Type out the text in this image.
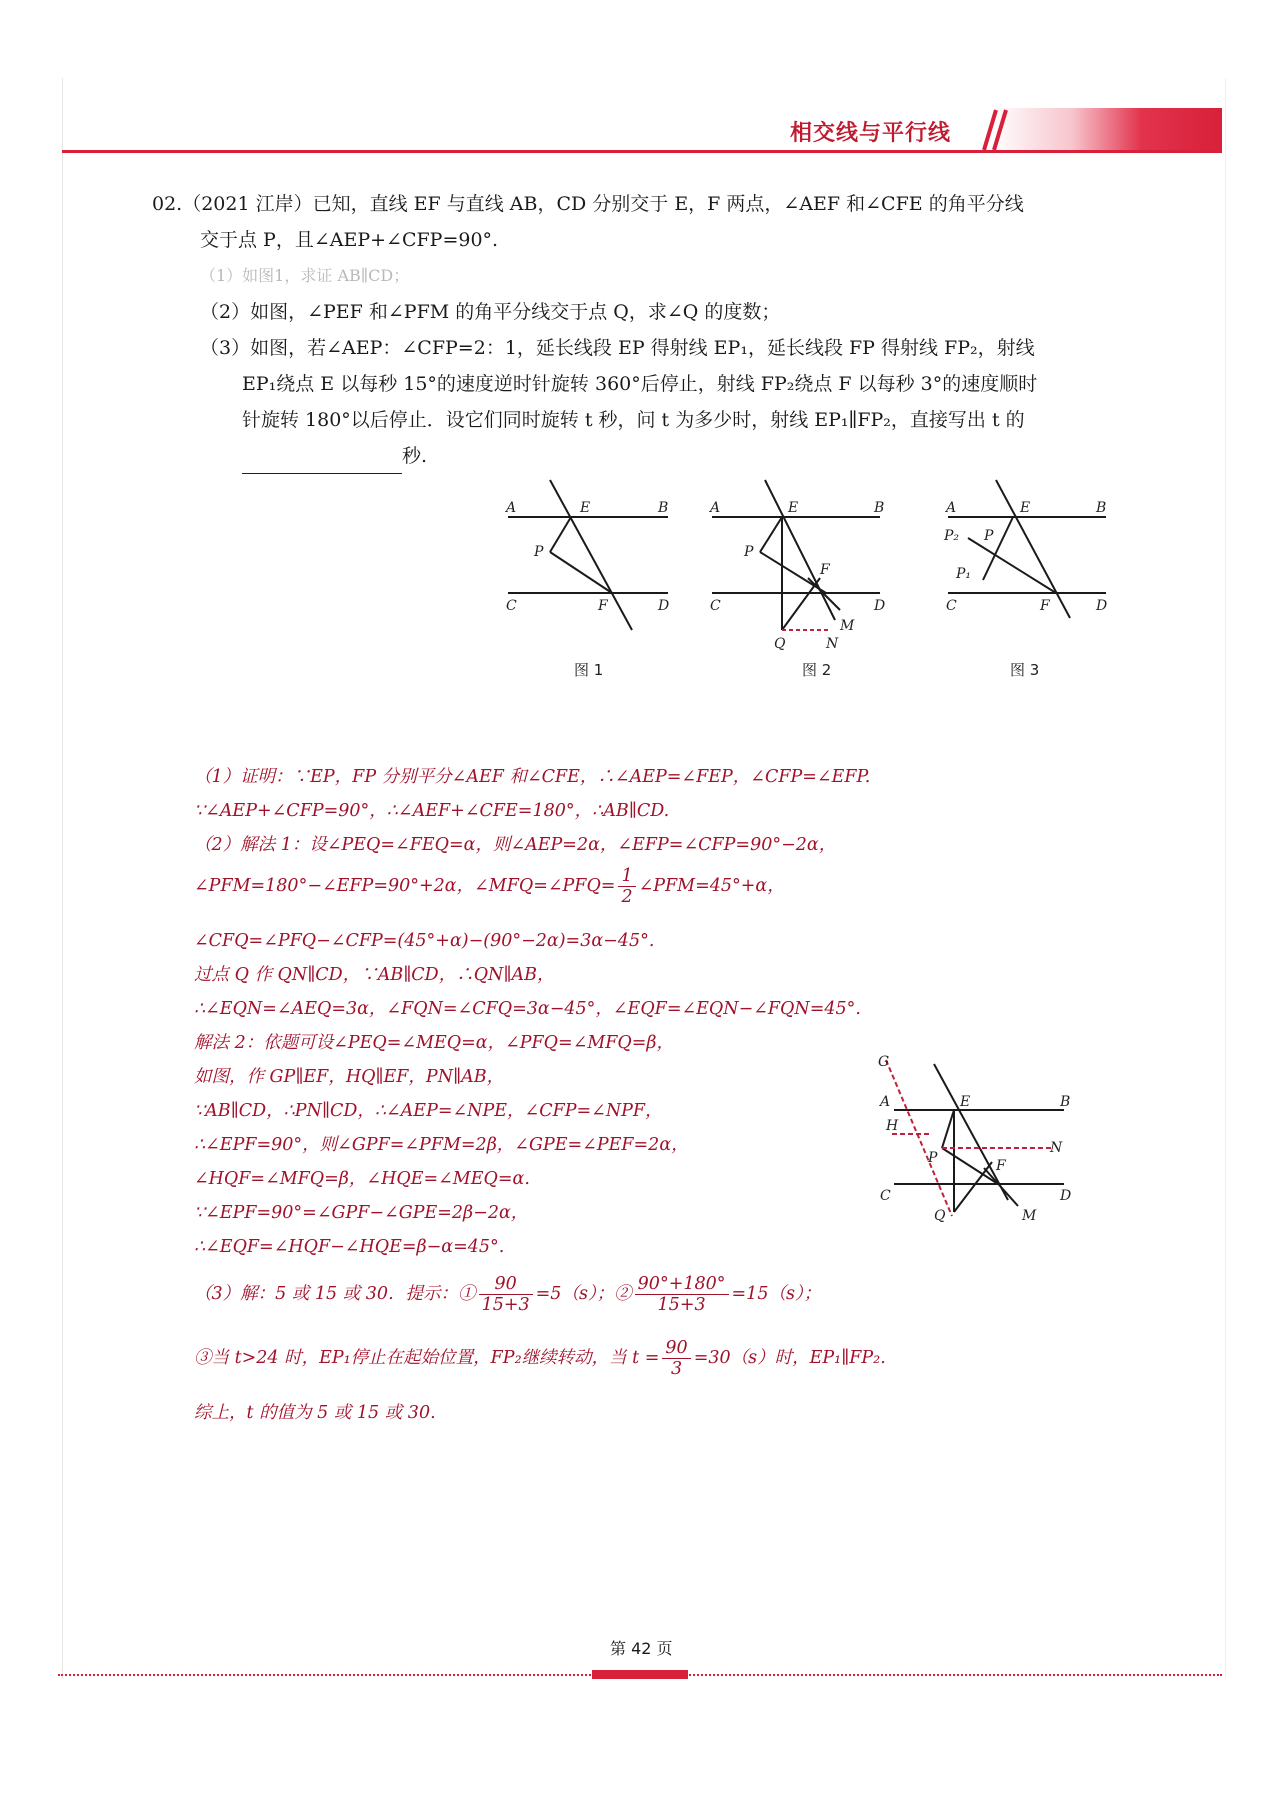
相交线与平行线
02.（2021 江岸）已知，直线 EF 与直线 AB，CD 分别交于 E，F 两点，∠AEF 和∠CFE 的角平分线
交于点 P，且∠AEP+∠CFP=90°.
（1）如图1，求证 AB∥CD；
（2）如图，∠PEF 和∠PFM 的角平分线交于点 Q，求∠Q 的度数；
（3）如图，若∠AEP：∠CFP=2：1，延长线段 EP 得射线 EP₁，延长线段 FP 得射线 FP₂，射线
EP₁绕点 E 以每秒 15°的速度逆时针旋转 360°后停止，射线 FP₂绕点 F 以每秒 3°的速度顺时
针旋转 180°以后停止．设它们同时旋转 t 秒，问 t 为多少时，射线 EP₁∥FP₂，直接写出 t 的
秒.
A	E	B
P
C	F	D
图 1
A	E	B
P
F
C	D
M
Q	N
图 2
A	E	B
P₂ P
P₁
C	F	D
图 3
（1）证明：∵EP，FP 分别平分∠AEF 和∠CFE，∴∠AEP=∠FEP，∠CFP=∠EFP.
∵∠AEP+∠CFP=90°，∴∠AEF+∠CFE=180°，∴AB∥CD.
（2）解法 1：设∠PEQ=∠FEQ=α，则∠AEP=2α，∠EFP=∠CFP=90°−2α，
∠PFM=180°−∠EFP=90°+2α，∠MFQ=∠PFQ= $\frac{1}{2}$ ∠PFM=45°+α，
∠CFQ=∠PFQ−∠CFP=(45°+α)−(90°−2α)=3α−45°.
过点 Q 作 QN∥CD，∵AB∥CD，∴QN∥AB，
∴∠EQN=∠AEQ=3α，∠FQN=∠CFQ=3α−45°，∠EQF=∠EQN−∠FQN=45°.
解法 2：依题可设∠PEQ=∠MEQ=α，∠PFQ=∠MFQ=β，
如图，作 GP∥EF，HQ∥EF，PN∥AB，
∵AB∥CD，∴PN∥CD，∴∠AEP=∠NPE，∠CFP=∠NPF，
∴∠EPF=90°，则∠GPF=∠PFM=2β，∠GPE=∠PEF=2α，
∠HQF=∠MFQ=β，∠HQE=∠MEQ=α.
∵∠EPF=90°=∠GPF−∠GPE=2β−2α，
∴∠EQF=∠HQF−∠HQE=β−α=45°.
（3）解：5 或 15 或 30．提示：① $\frac{90}{15+3} =5(s)$；② $\frac{90^\circ+180^\circ}{15+3} =15(s)$；
③当 t>24 时，EP₁停止在起始位置，FP₂继续转动，当 $t = \frac{90}{3} =30(s)$时，EP₁∥FP₂.
综上，t 的值为 5 或 15 或 30.
G
A	E	B
H
N
P	F
C	D
Q	M
第 42 页
